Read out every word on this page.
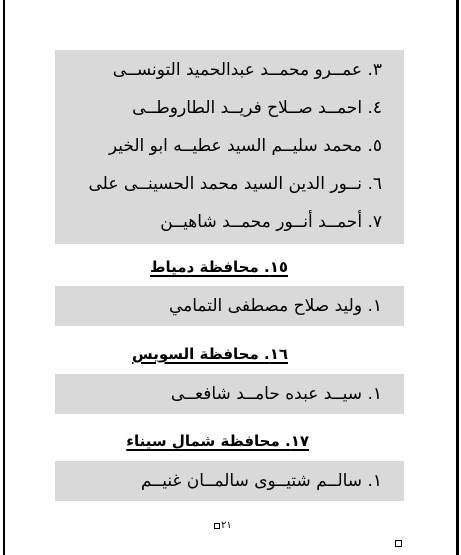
٣. عمــرو محمــد عبدالحميد التونســى
٤. احمــد صــلاح فريــد الطاروطــى
٥. محمد سليــم السيد عطيــه ابو الخير
٦. نــور الدين السيد محمد الحسينــى على
٧. أحمــد أنــور محمــد شاهيــن
١٥. محافظة دمياط
١. وليد صلاح مصطفى التمامي
١٦. محافظة السويس
١. سيــد عبده حامــد شافعــى
١٧. محافظة شمال سيناء
١. سالــم شتيــوى سالمــان غنيــم
٢١
